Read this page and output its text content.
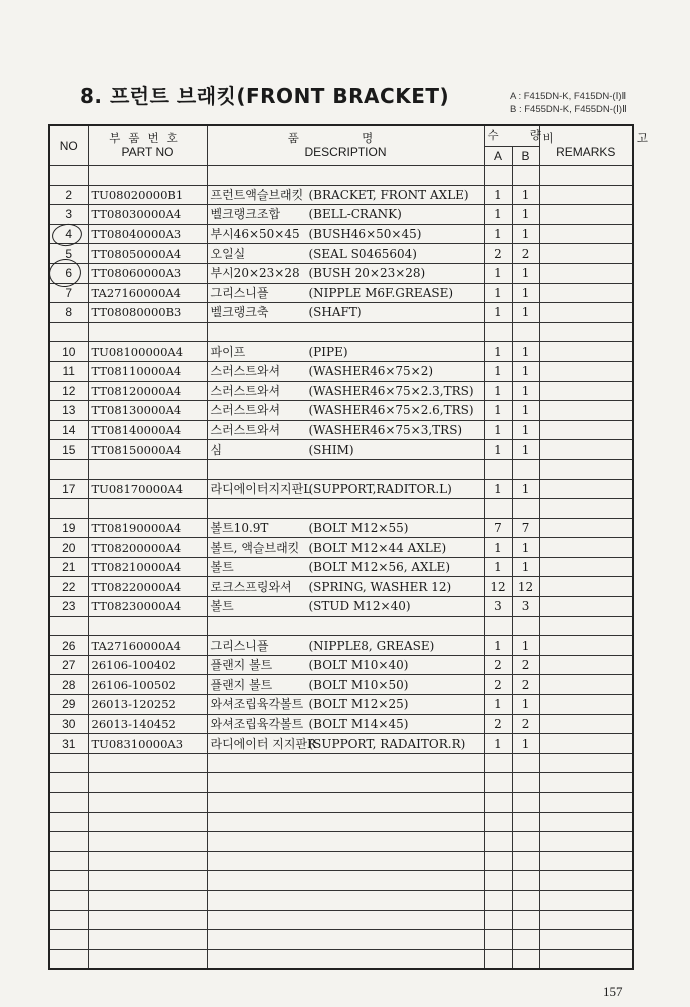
8. 프런트 브래킷(FRONT BRACKET)	A : F415DN-K, F415DN-(Ⅰ)Ⅱ
B : F455DN-K, F455DN-(Ⅰ)Ⅱ
NO	부품번호
PART NO	품 명
DESCRIPTION	수 량		비 고
REMARKS

			A	B	

2	TU08020000B1	프런트액슬브래킷 (BRACKET, FRONT AXLE)	1	1	
3	TT08030000A4	벨크랭크조합 (BELL-CRANK)	1	1	
4	TT08040000A3	부시46×50×45 (BUSH46×50×45)	1	1	
5	TT08050000A4	오일실 (SEAL S0465604)	2	2	
6	TT08060000A3	부시20×23×28 (BUSH 20×23×28)	1	1	
7	TA27160000A4	그리스니플 (NIPPLE M6F.GREASE)	1	1	
8	TT08080000B3	벨크랭크축 (SHAFT)	1	1	

10	TU08100000A4	파이프 (PIPE)	1	1	
11	TT08110000A4	스러스트와셔 (WASHER46×75×2)	1	1	
12	TT08120000A4	스러스트와셔 (WASHER46×75×2.3,TRS)	1	1	
13	TT08130000A4	스러스트와셔 (WASHER46×75×2.6,TRS)	1	1	
14	TT08140000A4	스러스트와셔 (WASHER46×75×3,TRS)	1	1	
15	TT08150000A4	심 (SHIM)	1	1	

17	TU08170000A4	라디에이터지지판L(SUPPORT,RADITOR.L)	1	1	

19	TT08190000A4	볼트10.9T (BOLT M12×55)	7	7	
20	TT08200000A4	볼트, 액슬브래킷 (BOLT M12×44 AXLE)	1	1	
21	TT08210000A4	볼트 (BOLT M12×56, AXLE)	1	1	
22	TT08220000A4	로크스프링와셔 (SPRING, WASHER 12)	12	12	
23	TT08230000A4	볼트 (STUD M12×40)	3	3	

26	TA27160000A4	그리스니플 (NIPPLE8, GREASE)	1	1	
27	26106-100402	플랜지 볼트 (BOLT M10×40)	2	2	
28	26106-100502	플랜지 볼트 (BOLT M10×50)	2	2	
29	26013-120252	와셔조립육각볼트 (BOLT M12×25)	1	1	
30	26013-140452	와셔조립육각볼트 (BOLT M14×45)	2	2	
31	TU08310000A3	라디에이터 지지판R(SUPPORT, RADAITOR.R)	1	1	

157
